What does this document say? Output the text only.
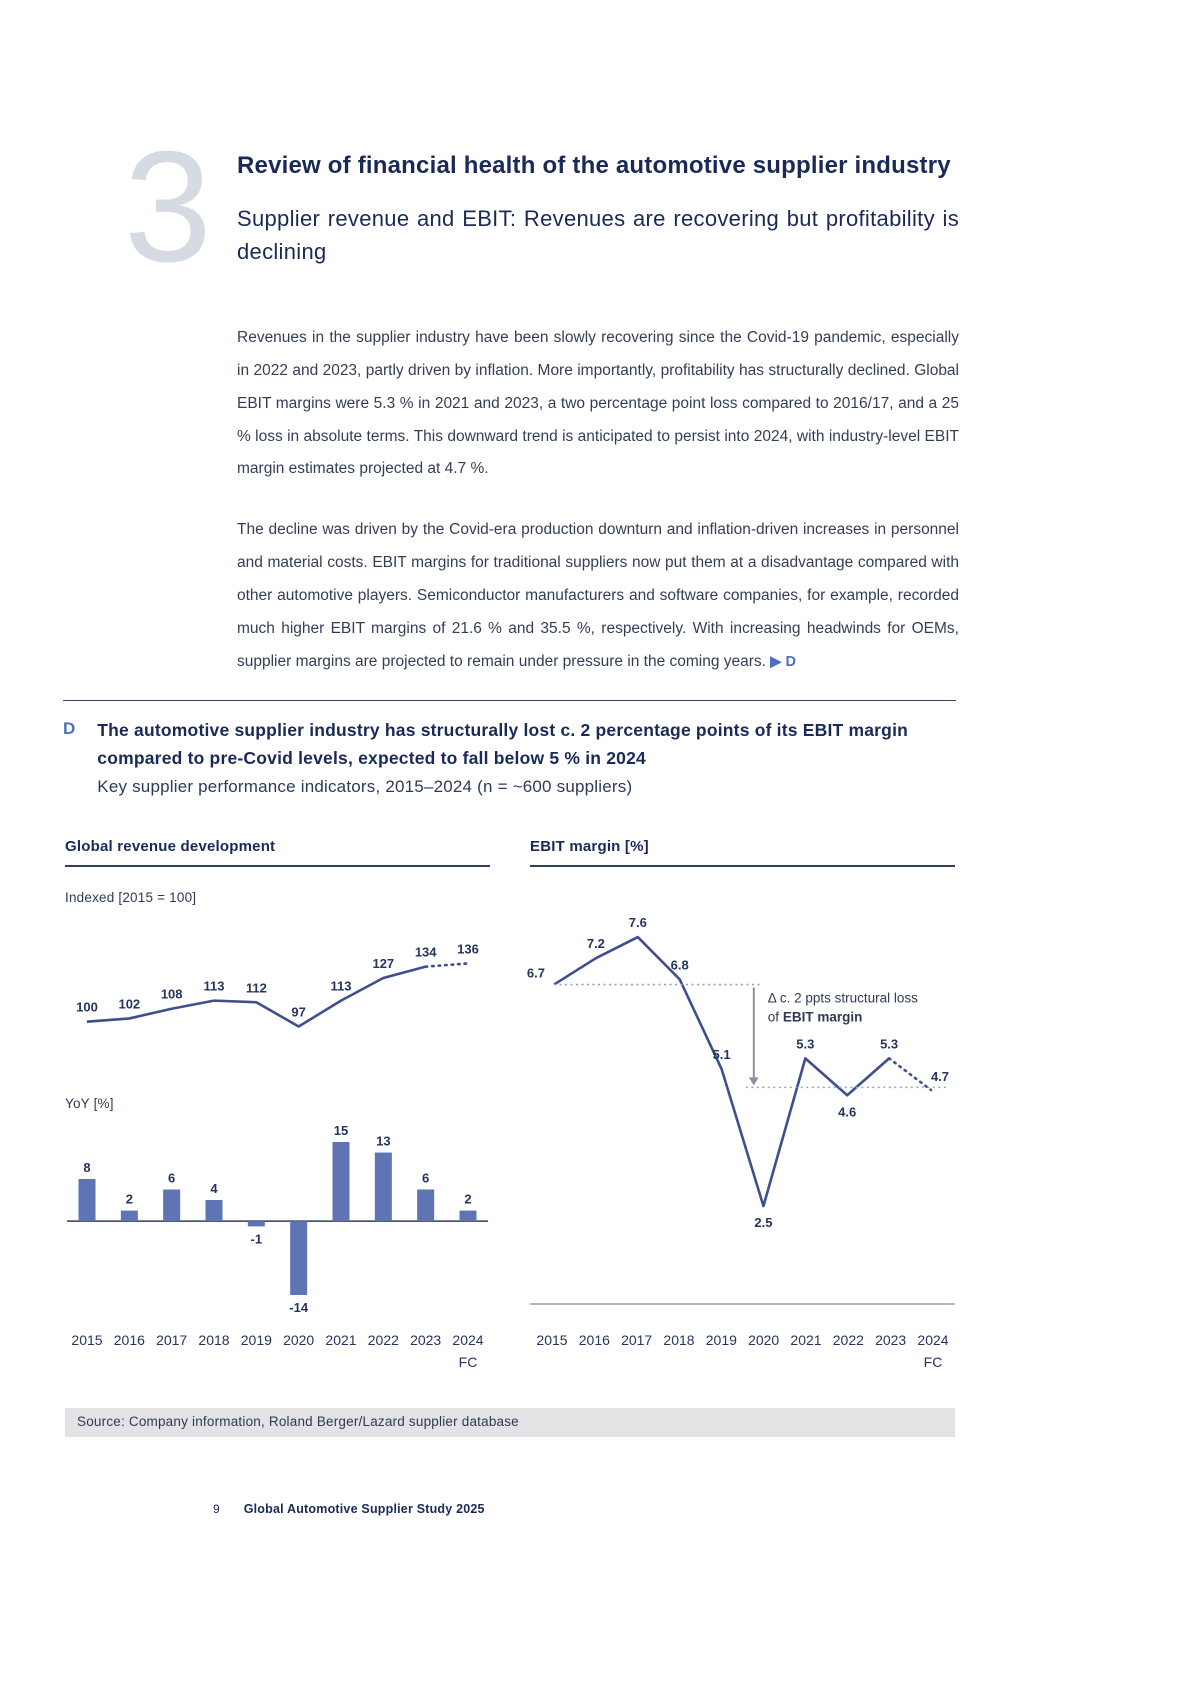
3 Review of financial health of the automotive supplier industry
Supplier revenue and EBIT: Revenues are recovering but profitability is declining

Revenues in the supplier industry have been slowly recovering since the Covid-19 pandemic, especially in 2022 and 2023, partly driven by inflation. More importantly, profitability has structurally declined. Global EBIT margins were 5.3 % in 2021 and 2023, a two percentage point loss compared to 2016/17, and a 25 % loss in absolute terms. This downward trend is anticipated to persist into 2024, with industry-level EBIT margin estimates projected at 4.7 %.

The decline was driven by the Covid-era production downturn and inflation-driven increases in personnel and material costs. EBIT margins for traditional suppliers now put them at a disadvantage compared with other automotive players. Semiconductor manufacturers and software companies, for example, recorded much higher EBIT margins of 21.6 % and 35.5 %, respectively. With increasing headwinds for OEMs, supplier margins are projected to remain under pressure in the coming years. ▶ D

D The automotive supplier industry has structurally lost c. 2 percentage points of its EBIT margin compared to pre-Covid levels, expected to fall below 5 % in 2024
Key supplier performance indicators, 2015–2024 (n = ~600 suppliers)
Global revenue development
Indexed [2015 = 100]
100 102
108
113 112
97
113
127
134 136
YoY [%]
8
2
6
4
-1
-14
15
13
6
2
2015 2016 2017 2018 2019 2020 2021 2022 2023 2024
FC
EBIT margin [%]
6.7
7.2
7.6
6.8
5.1
2.5
5.3
4.6
5.3
4.7
Δ c. 2 ppts structural loss
of EBIT margin
2015 2016 2017 2018 2019 2020 2021 2022 2023 2024
FC
Source: Company information, Roland Berger/Lazard supplier database
9 Global Automotive Supplier Study 2025
